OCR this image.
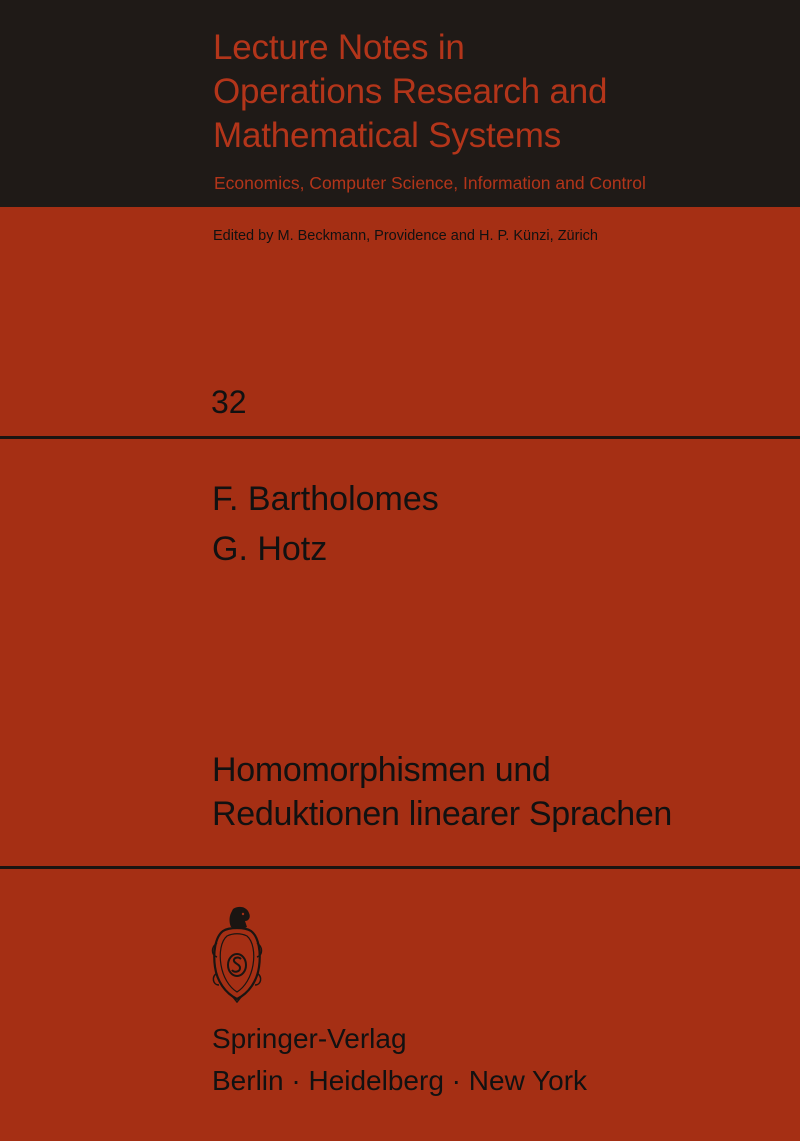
Lecture Notes in
Operations Research and
Mathematical Systems
Economics, Computer Science, Information and Control
Edited by M. Beckmann, Providence and H. P. Künzi, Zürich
32
F. Bartholomes
G. Hotz
Homomorphismen und
Reduktionen linearer Sprachen
Springer-Verlag
Berlin · Heidelberg · New York
